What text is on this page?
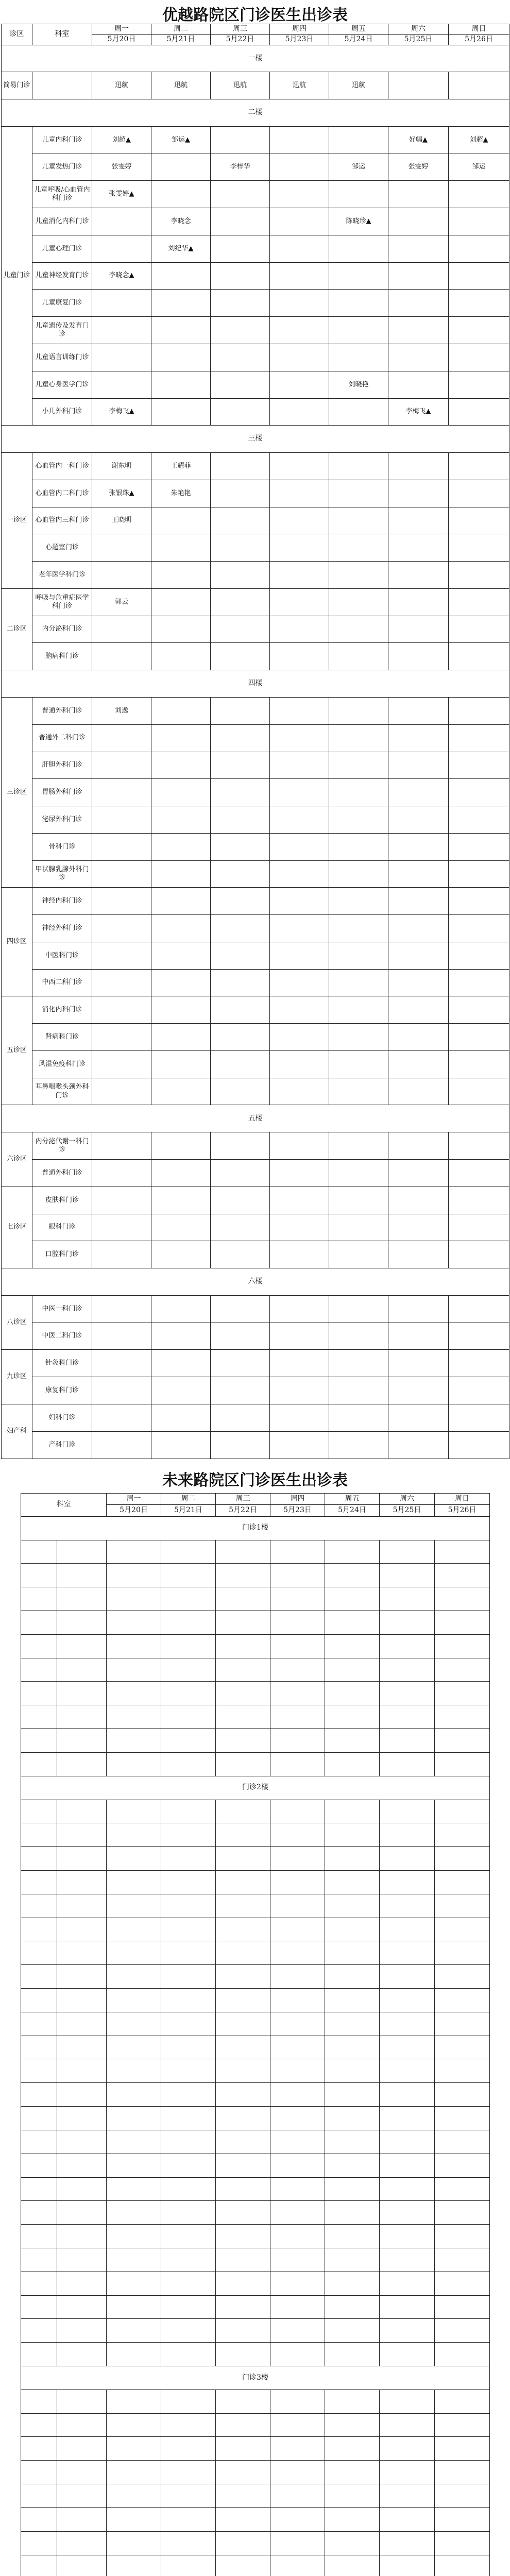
优越路院区门诊医生出诊表
诊区	科室	周一	周二	周三	周四	周五	周六	周日
		5月20日	5月21日	5月22日	5月23日	5月24日	5月25日	5月26日
一楼								
简易门诊		迅航	迅航	迅航	迅航	迅航		
二楼								
儿童门诊	儿童内科门诊	刘超▲	邹运▲				好幅▲	刘超▲
	儿童发热门诊	张雯婷		李梓华		邹运	张雯婷	邹运
	儿童呼吸/心血管内科门诊	张雯婷▲						
	儿童消化内科门诊		李晓念			陈晓珍▲		
	儿童心理门诊		刘纪华▲					
	儿童神经发育门诊	李晓念▲						
	儿童康复门诊							
	儿童遗传及发育门诊							
	儿童语言训练门诊							
	儿童心身医学门诊					刘晓艳		
	小儿外科门诊	李梅飞▲					李梅飞▲	
三楼								
一诊区	心血管内一科门诊	谢东明	王耀菲					
	心血管内二科门诊	张银珠▲	朱艳艳					
	心血管内三科门诊	王晓明						
	心超室门诊							
	老年医学科门诊							
二诊区	呼吸与危重症医学科门诊	郭云						
	内分泌科门诊							
	脑病科门诊							
四楼								
三诊区	普通外科门诊	刘逸						
	普通外二科门诊							
	肝胆外科门诊							
	胃肠外科门诊							
	泌尿外科门诊							
	骨科门诊							
	甲状腺乳腺外科门诊							
四诊区	神经内科门诊							
	神经外科门诊							
	中医科门诊							
	中西二科门诊							
五诊区	消化内科门诊							
	肾病科门诊							
	风湿免疫科门诊							
	耳鼻咽喉头颈外科门诊							
五楼								
六诊区	内分泌代谢一科门诊							
	普通外科门诊							
七诊区	皮肤科门诊							
	眼科门诊							
	口腔科门诊							
六楼								
八诊区	中医一科门诊							
	中医二科门诊							
九诊区	针灸科门诊							
	康复科门诊							
妇产科	妇科门诊							
	产科门诊							
未来路院区门诊医生出诊表
科室		周一	周二	周三	周四	周五	周六	周日
		5月20日	5月21日	5月22日	5月23日	5月24日	5月25日	5月26日
门诊1楼								

门诊2楼								

门诊3楼								
